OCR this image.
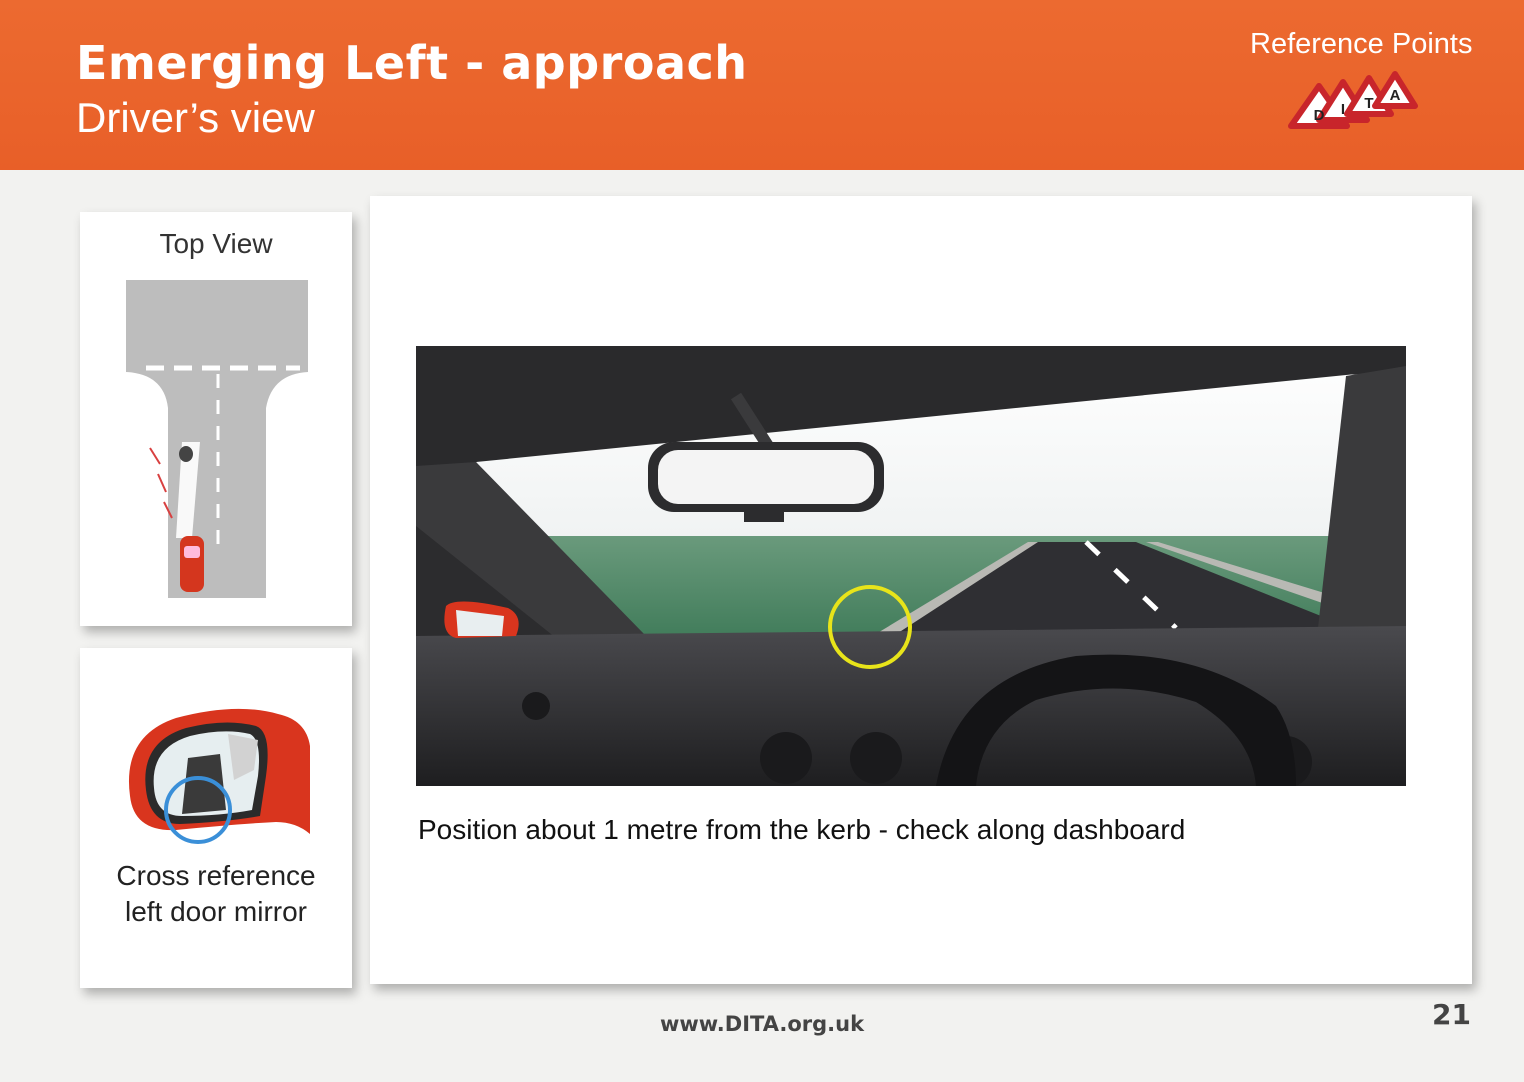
Emerging Left - approach
Driver’s view
Reference Points
D I T A
Top View
Cross reference
left door mirror
Position about 1 metre from the kerb - check along dashboard
www.DITA.org.uk	21
